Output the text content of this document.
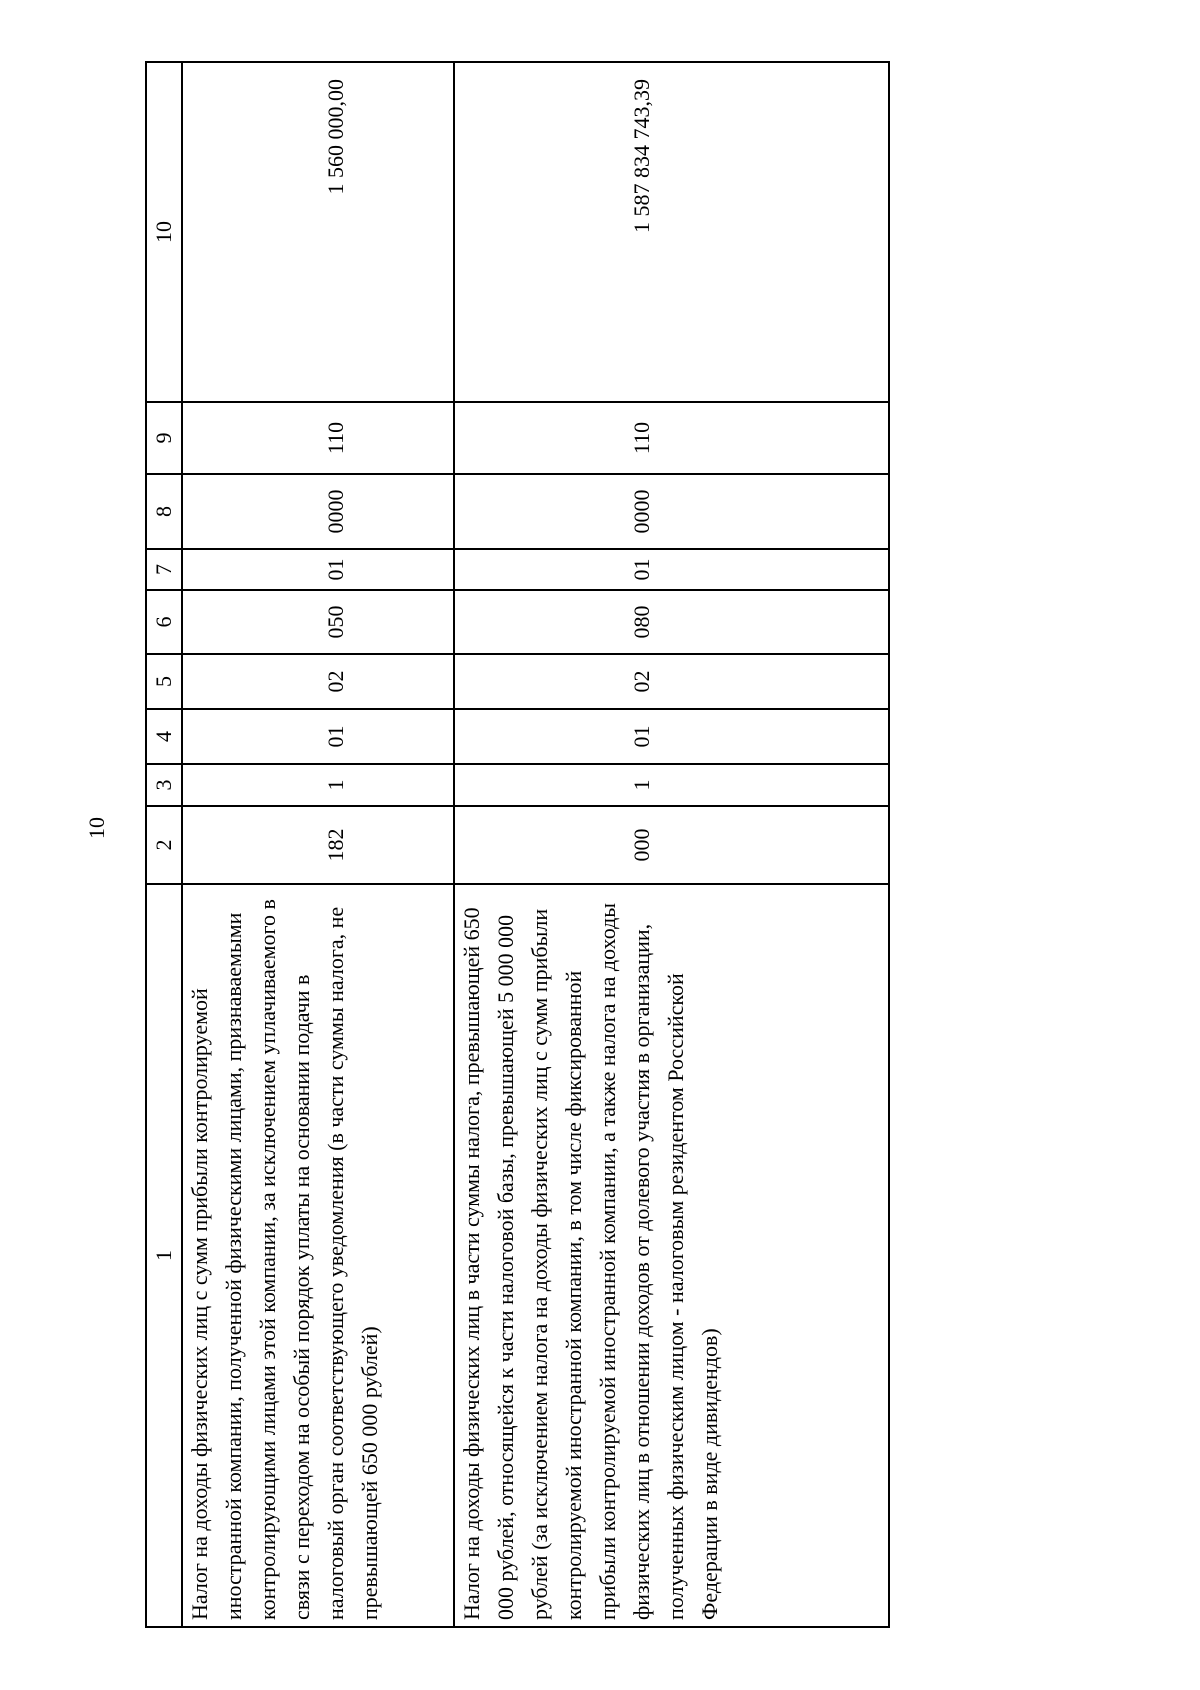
10
1	2	3	4	5	6	7	8	9	10
Налог на доходы физических лиц с сумм прибыли контролируемой иностранной компании, полученной физическими лицами, признаваемыми контролирующими лицами этой компании, за исключением уплачиваемого в связи с переходом на особый порядок уплаты на основании подачи в налоговый орган соответствующего уведомления (в части суммы налога, не превышающей 650 000 рублей)	182	1	01	02	050	01	0000	110	1 560 000,00

Налог на доходы физических лиц в части суммы налога, превышающей 650 000 рублей, относящейся к части налоговой базы, превышающей 5 000 000 рублей (за исключением налога на доходы физических лиц с сумм прибыли контролируемой иностранной компании, в том числе фиксированной прибыли контролируемой иностранной компании, а также налога на доходы физических лиц в отношении доходов от долевого участия в организации, полученных физическим лицом - налоговым резидентом Российской Федерации в виде дивидендов)	000	1	01	02	080	01	0000	110	1 587 834 743,39
